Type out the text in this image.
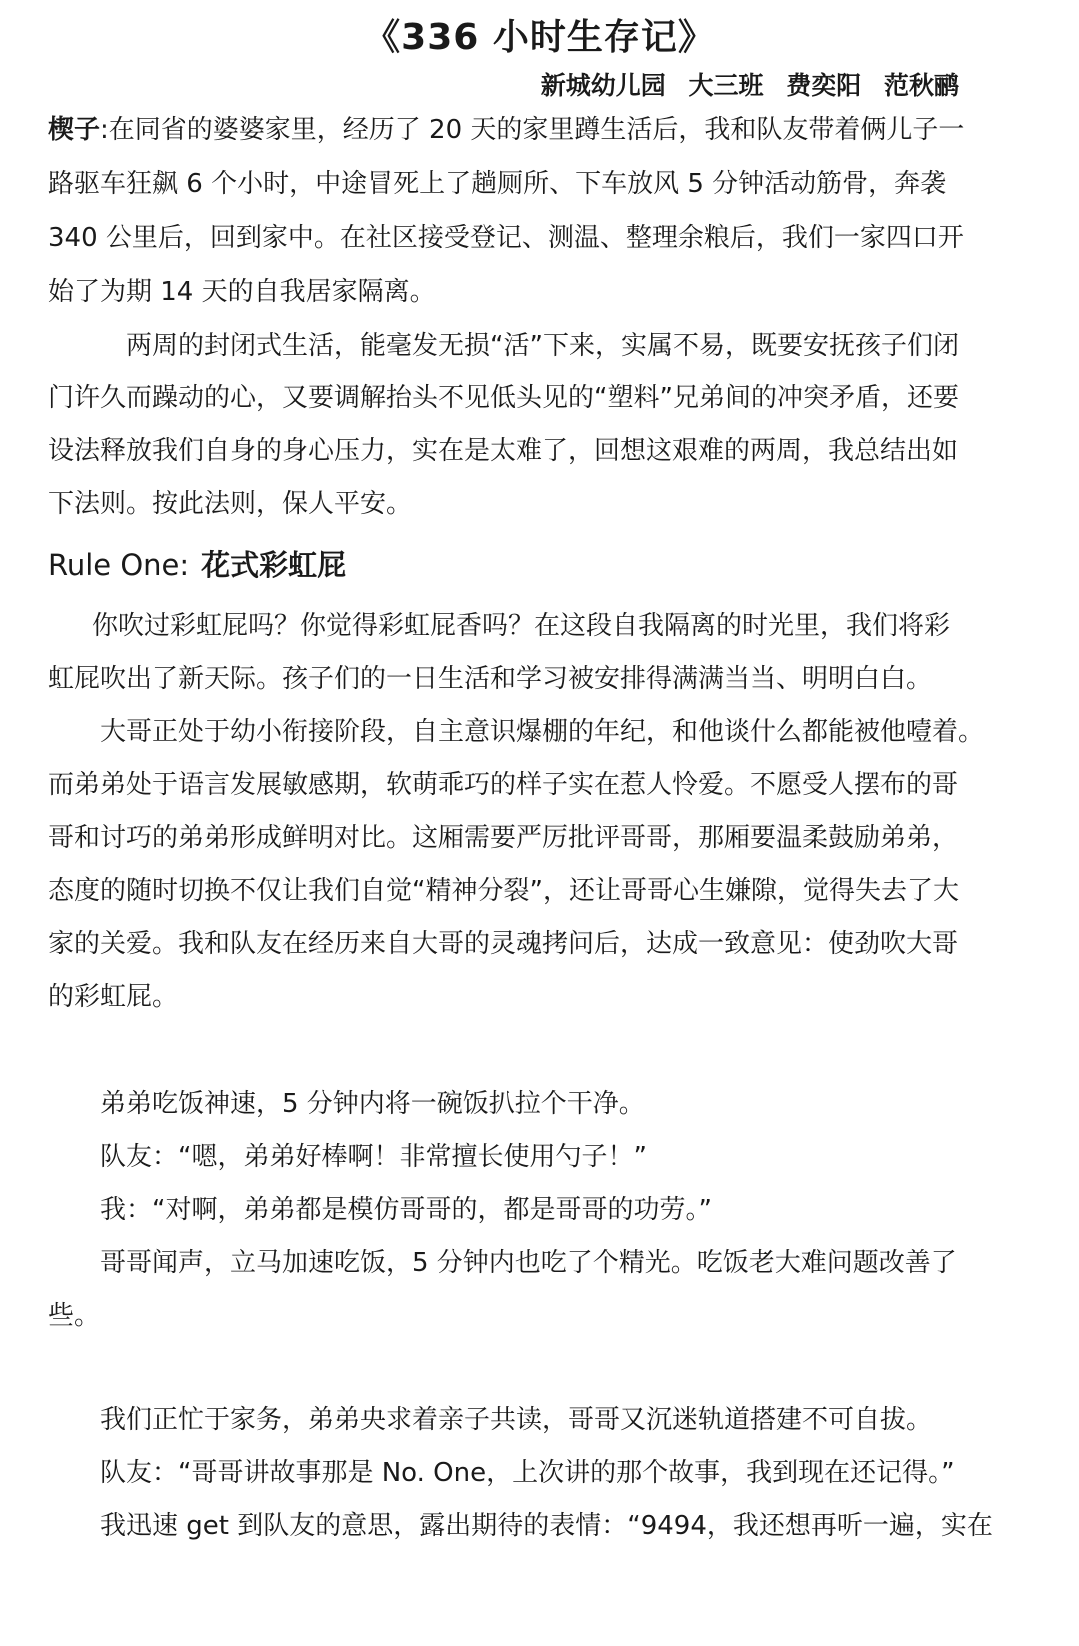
《336 小时生存记》
新城幼儿园 大三班 费奕阳 范秋鹂
楔子:在同省的婆婆家里，经历了 20 天的家里蹲生活后，我和队友带着俩儿子一
路驱车狂飙 6 个小时，中途冒死上了趟厕所、下车放风 5 分钟活动筋骨，奔袭
340 公里后，回到家中。在社区接受登记、测温、整理余粮后，我们一家四口开
始了为期 14 天的自我居家隔离。
两周的封闭式生活，能毫发无损“活”下来，实属不易，既要安抚孩子们闭
门许久而躁动的心，又要调解抬头不见低头见的“塑料”兄弟间的冲突矛盾，还要
设法释放我们自身的身心压力，实在是太难了，回想这艰难的两周，我总结出如
下法则。按此法则，保人平安。
Rule One: 花式彩虹屁
你吹过彩虹屁吗？你觉得彩虹屁香吗？在这段自我隔离的时光里，我们将彩
虹屁吹出了新天际。孩子们的一日生活和学习被安排得满满当当、明明白白。
大哥正处于幼小衔接阶段，自主意识爆棚的年纪，和他谈什么都能被他噎着。
而弟弟处于语言发展敏感期，软萌乖巧的样子实在惹人怜爱。不愿受人摆布的哥
哥和讨巧的弟弟形成鲜明对比。这厢需要严厉批评哥哥，那厢要温柔鼓励弟弟，
态度的随时切换不仅让我们自觉“精神分裂”，还让哥哥心生嫌隙，觉得失去了大
家的关爱。我和队友在经历来自大哥的灵魂拷问后，达成一致意见：使劲吹大哥
的彩虹屁。
弟弟吃饭神速，5 分钟内将一碗饭扒拉个干净。
队友：“嗯，弟弟好棒啊！非常擅长使用勺子！”
我：“对啊，弟弟都是模仿哥哥的，都是哥哥的功劳。”
哥哥闻声，立马加速吃饭，5 分钟内也吃了个精光。吃饭老大难问题改善了
些。
我们正忙于家务，弟弟央求着亲子共读，哥哥又沉迷轨道搭建不可自拔。
队友：“哥哥讲故事那是 No. One，上次讲的那个故事，我到现在还记得。”
我迅速 get 到队友的意思，露出期待的表情：“9494，我还想再听一遍，实在
